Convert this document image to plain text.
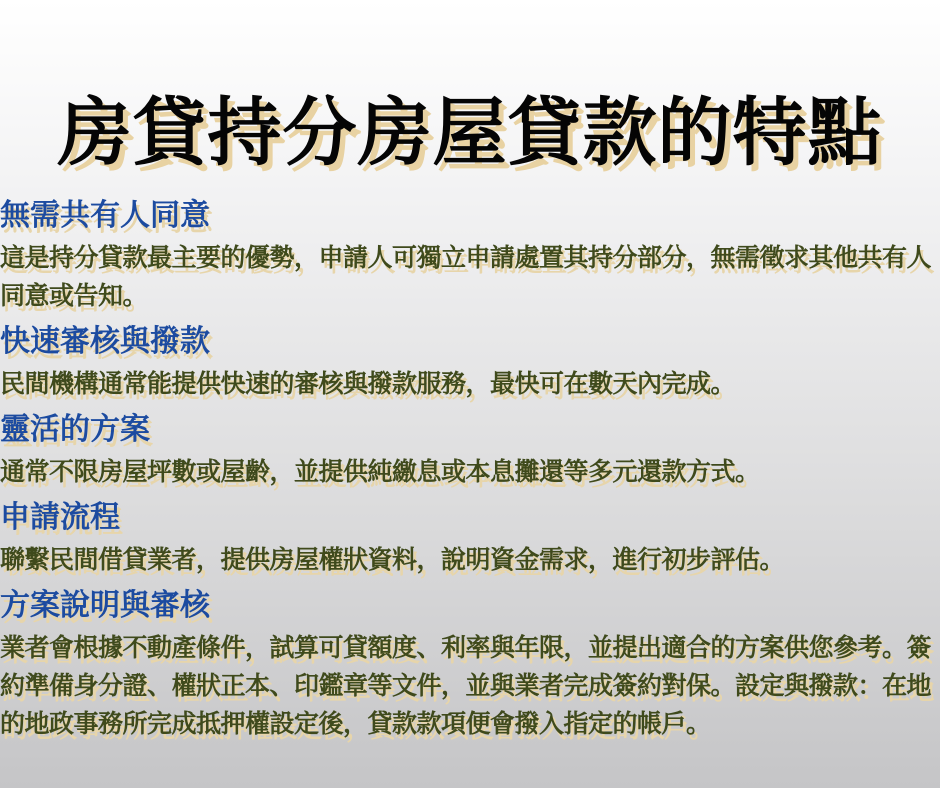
房貸持分房屋貸款的特點
無需共有人同意

這是持分貸款最主要的優勢，申請人可獨立申請處置其持分部分，無需徵求其他共有人同意或告知。

快速審核與撥款

民間機構通常能提供快速的審核與撥款服務，最快可在數天內完成。

靈活的方案

通常不限房屋坪數或屋齡，並提供純繳息或本息攤還等多元還款方式。

申請流程

聯繫民間借貸業者，提供房屋權狀資料，說明資金需求，進行初步評估。

方案說明與審核

業者會根據不動產條件，試算可貸額度、利率與年限，並提出適合的方案供您參考。簽約準備身分證、權狀正本、印鑑章等文件，並與業者完成簽約對保。設定與撥款：在地的地政事務所完成抵押權設定後，貸款款項便會撥入指定的帳戶。
